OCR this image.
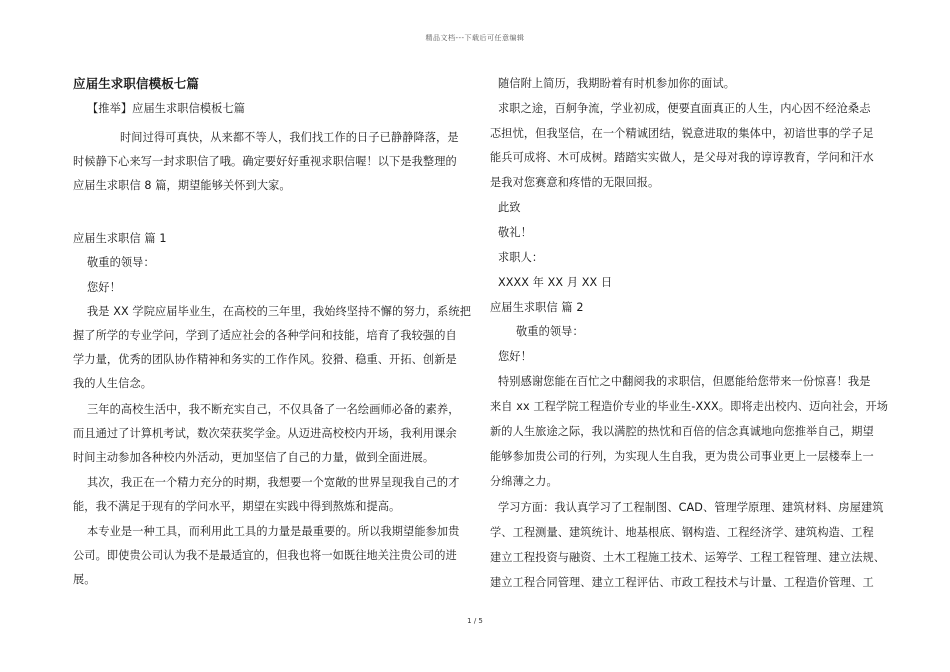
精品文档---下载后可任意编辑

应届生求职信模板七篇

【推举】应届生求职信模板七篇

时间过得可真快，从来都不等人，我们找工作的日子已静静降落，是

时候静下心来写一封求职信了哦。确定要好好重视求职信喔！以下是我整理的

应届生求职信 8 篇，期望能够关怀到大家。

应届生求职信 篇 1

敬重的领导：

您好！

我是 XX 学院应届毕业生，在高校的三年里，我始终坚持不懈的努力，系统把

握了所学的专业学问，学到了适应社会的各种学问和技能，培育了我较强的自

学力量，优秀的团队协作精神和务实的工作作风。狡猾、稳重、开拓、创新是

我的人生信念。

三年的高校生活中，我不断充实自己，不仅具备了一名绘画师必备的素养，

而且通过了计算机考试，数次荣获奖学金。从迈进高校校内开场，我利用课余

时间主动参加各种校内外活动，更加坚信了自己的力量，做到全面进展。

其次，我正在一个精力充分的时期，我想要一个宽敞的世界呈现我自己的才

能，我不满足于现有的学问水平，期望在实践中得到熬炼和提高。

本专业是一种工具，而利用此工具的力量是最重要的。所以我期望能参加贵

公司。即使贵公司认为我不是最适宜的，但我也将一如既往地关注贵公司的进

展。

随信附上简历，我期盼着有时机参加你的面试。

求职之途，百舸争流，学业初成，便要直面真正的人生，内心因不经沧桑忐

忑担忧，但我坚信，在一个精诚团结，锐意进取的集体中，初谙世事的学子足

能兵可成将、木可成树。踏踏实实做人，是父母对我的谆谆教育，学问和汗水

是我对您赛意和疼惜的无限回报。

此致

敬礼！

求职人：

XXXX 年 XX 月 XX 日

应届生求职信 篇 2

敬重的领导：

您好！

特别感谢您能在百忙之中翻阅我的求职信，但愿能给您带来一份惊喜！我是

来自 xx 工程学院工程造价专业的毕业生-XXX。即将走出校内、迈向社会，开场

新的人生旅途之际，我以满腔的热忱和百倍的信念真诚地向您推举自己，期望

能够参加贵公司的行列，为实现人生自我，更为贵公司事业更上一层楼奉上一

分绵薄之力。

学习方面：我认真学习了工程制图、CAD、管理学原理、建筑材料、房屋建筑

学、工程测量、建筑统计、地基根底、钢构造、工程经济学、建筑构造、工程

建立工程投资与融资、土木工程施工技术、运筹学、工程工程管理、建立法规、

建立工程合同管理、建立工程评估、市政工程技术与计量、工程造价管理、工

1 / 5
